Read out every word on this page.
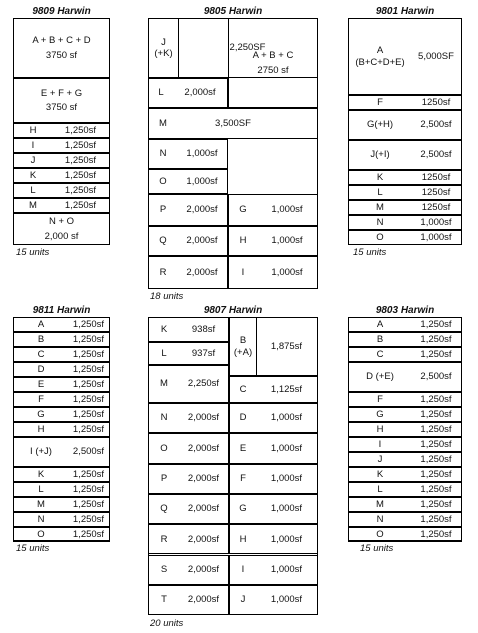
9809 Harwin	9805 Harwin	9801 Harwin
9811 Harwin	9807 Harwin	9803 Harwin
15 units
18 units
15 units
15 units
20 units
15 units
A + B + C + D
3750 sf
E + F + G
3750 sf
H	1,250sf
I	1,250sf
J	1,250sf
K	1,250sf
L	1,250sf
M	1,250sf
N + O
2,000 sf
J
(+K)
2,250SF
A + B + C
2750 sf
L	2,000sf
M	3,500SF
N	1,000sf
O	1,000sf
P	2,000sf	G	1,000sf
Q	2,000sf	H	1,000sf
R	2,000sf	I	1,000sf
A
(B+C+D+E)
5,000SF
F	1250sf
G(+H)	2,500sf
J(+I)	2,500sf
K	1250sf
L	1250sf
M	1250sf
N	1,000sf
O	1,000sf
A	1,250sf
B	1,250sf
C	1,250sf
D	1,250sf
E	1,250sf
F	1,250sf
G	1,250sf
H	1,250sf
I (+J)	2,500sf
K	1,250sf
L	1,250sf
M	1,250sf
N	1,250sf
O	1,250sf
K	938sf
L	937sf
B
(+A)
1,875sf
M	2,250sf	C	1,125sf
N	2,000sf	D	1,000sf
O	2,000sf	E	1,000sf
P	2,000sf	F	1,000sf
Q	2,000sf	G	1,000sf
R	2,000sf	H	1,000sf
S	2,000sf	I	1,000sf
T	2,000sf	J	1,000sf
A	1,250sf
B	1,250sf
C	1,250sf
D (+E)	2,500sf
F	1,250sf
G	1,250sf
H	1,250sf
I	1,250sf
J	1,250sf
K	1,250sf
L	1,250sf
M	1,250sf
N	1,250sf
O	1,250sf
